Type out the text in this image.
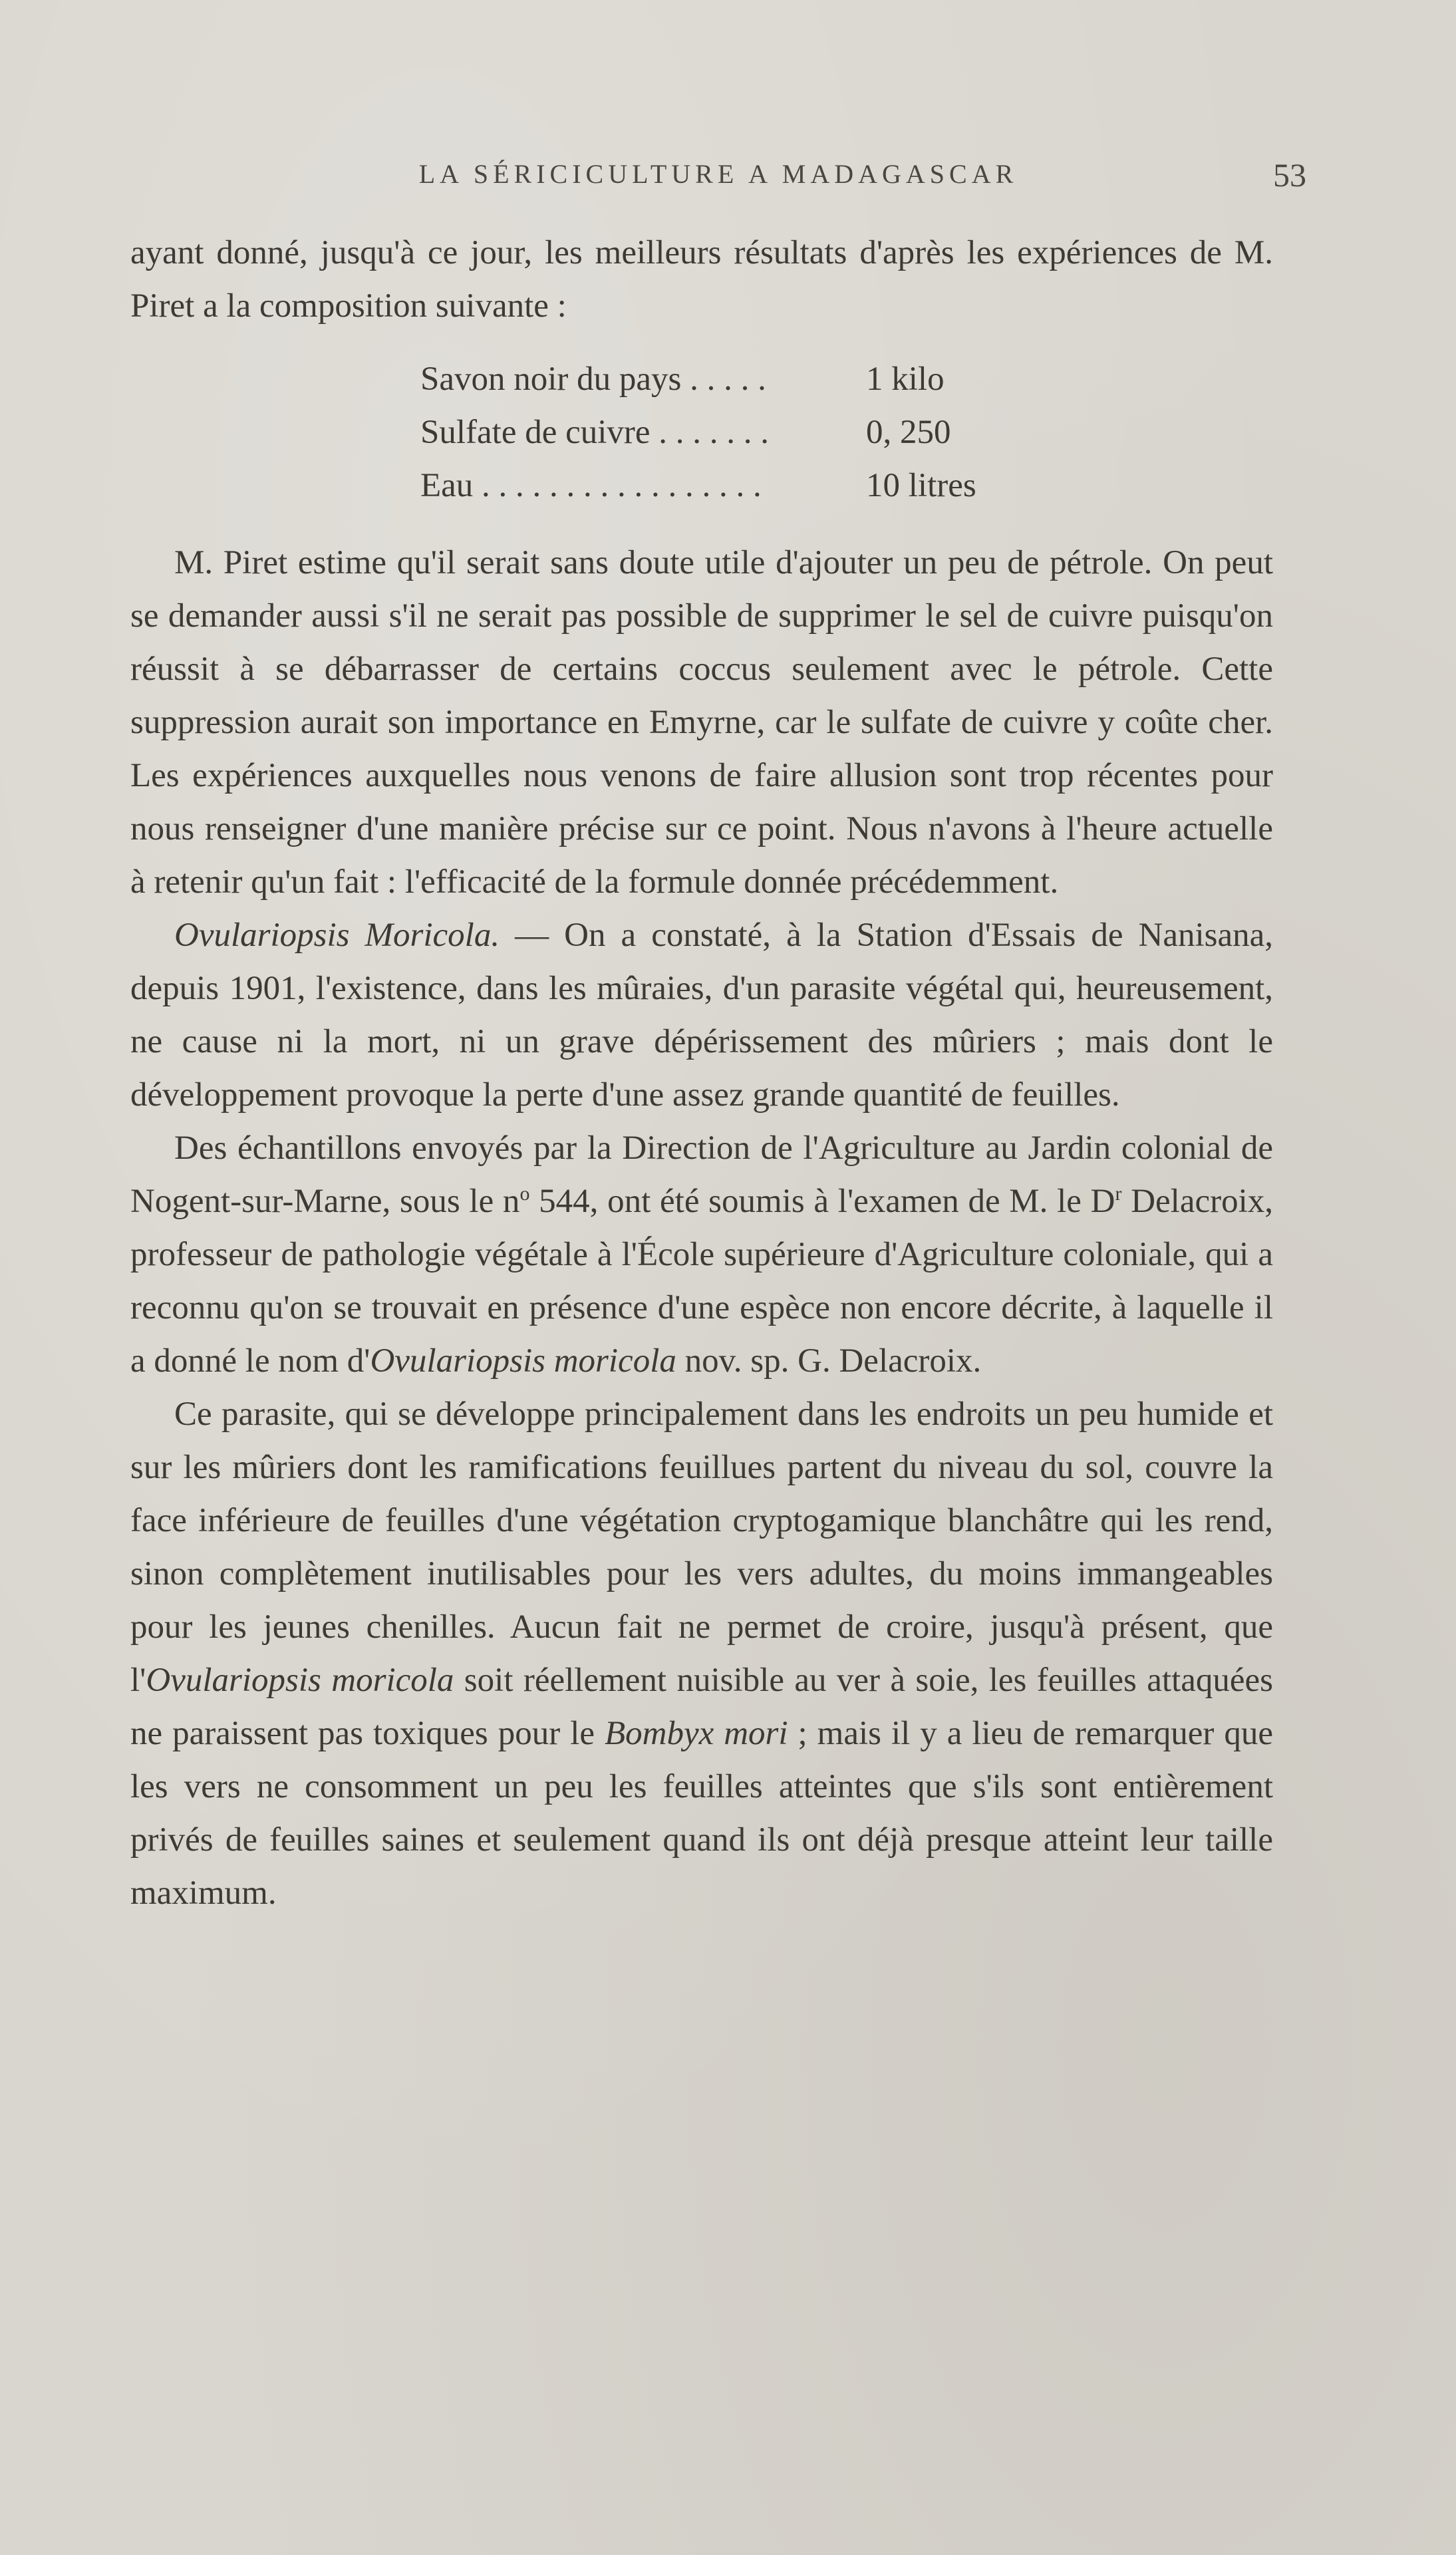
LA SÉRICICULTURE A MADAGASCAR	53

ayant donné, jusqu'à ce jour, les meilleurs résultats d'après les expériences de M. Piret a la composition suivante :

Savon noir du pays . . . . .	1 kilo
Sulfate de cuivre . . . . . . .	0, 250
Eau . . . . . . . . . . . . . . . . .	10 litres

M. Piret estime qu'il serait sans doute utile d'ajouter un peu de pétrole. On peut se demander aussi s'il ne serait pas possible de supprimer le sel de cuivre puisqu'on réussit à se débarrasser de certains coccus seulement avec le pétrole. Cette suppression aurait son importance en Emyrne, car le sulfate de cuivre y coûte cher. Les expériences auxquelles nous venons de faire allusion sont trop récentes pour nous renseigner d'une manière précise sur ce point. Nous n'avons à l'heure actuelle à retenir qu'un fait : l'efficacité de la formule donnée précédemment.

Ovulariopsis Moricola. — On a constaté, à la Station d'Essais de Nanisana, depuis 1901, l'existence, dans les mûraies, d'un parasite végétal qui, heureusement, ne cause ni la mort, ni un grave dépérissement des mûriers ; mais dont le développement provoque la perte d'une assez grande quantité de feuilles.

Des échantillons envoyés par la Direction de l'Agriculture au Jardin colonial de Nogent-sur-Marne, sous le $n^o$ 544, ont été soumis à l'examen de M. le $D^r$ Delacroix, professeur de pathologie végétale à l'École supérieure d'Agriculture coloniale, qui a reconnu qu'on se trouvait en présence d'une espèce non encore décrite, à laquelle il a donné le nom d'Ovulariopsis moricola nov. sp. G. Delacroix.

Ce parasite, qui se développe principalement dans les endroits un peu humide et sur les mûriers dont les ramifications feuillues partent du niveau du sol, couvre la face inférieure de feuilles d'une végétation cryptogamique blanchâtre qui les rend, sinon complètement inutilisables pour les vers adultes, du moins immangeables pour les jeunes chenilles. Aucun fait ne permet de croire, jusqu'à présent, que l'Ovulariopsis moricola soit réellement nuisible au ver à soie, les feuilles attaquées ne paraissent pas toxiques pour le Bombyx mori ; mais il y a lieu de remarquer que les vers ne consomment un peu les feuilles atteintes que s'ils sont entièrement privés de feuilles saines et seulement quand ils ont déjà presque atteint leur taille maximum.
